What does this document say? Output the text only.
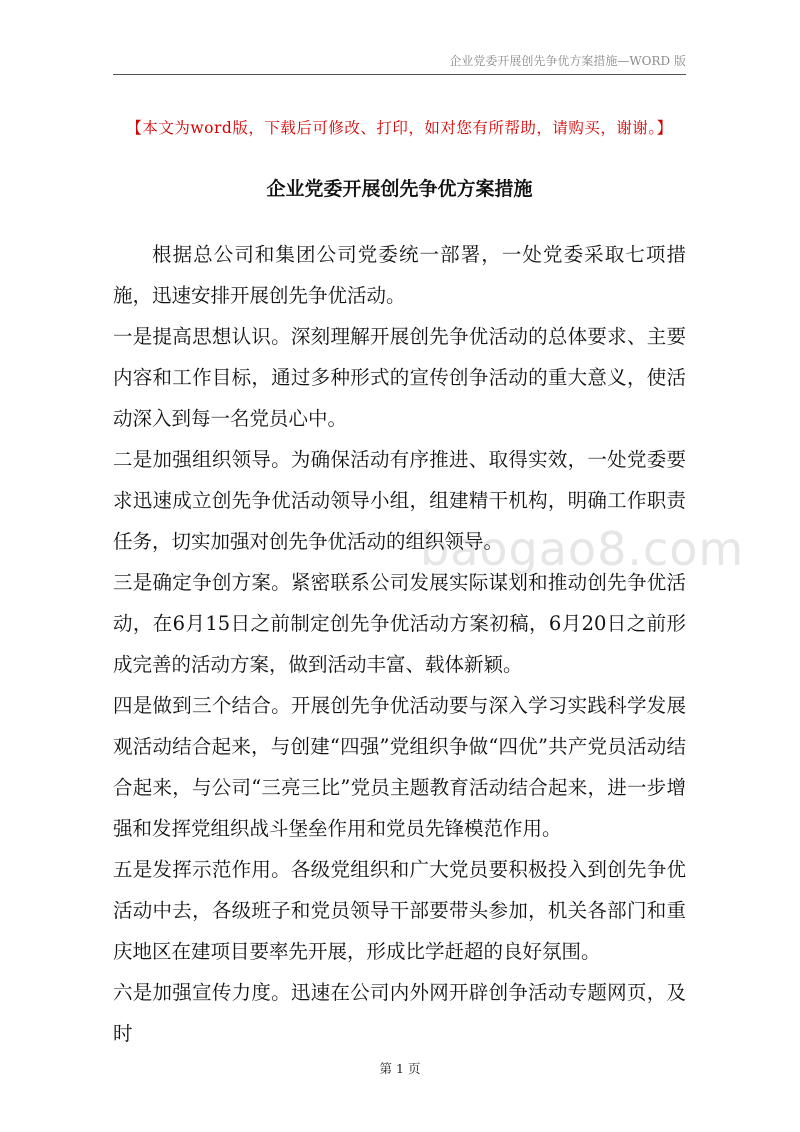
企业党委开展创先争优方案措施—WORD 版
【本文为word版，下载后可修改、打印，如对您有所帮助，请购买，谢谢。】
企业党委开展创先争优方案措施
baogao8.com

根据总公司和集团公司党委统一部署，一处党委采取七项措施，迅速安排开展创先争优活动。

一是提高思想认识。深刻理解开展创先争优活动的总体要求、主要内容和工作目标，通过多种形式的宣传创争活动的重大意义，使活动深入到每一名党员心中。

二是加强组织领导。为确保活动有序推进、取得实效，一处党委要求迅速成立创先争优活动领导小组，组建精干机构，明确工作职责任务，切实加强对创先争优活动的组织领导。

三是确定争创方案。紧密联系公司发展实际谋划和推动创先争优活动，在6月15日之前制定创先争优活动方案初稿，6月20日之前形成完善的活动方案，做到活动丰富、载体新颖。

四是做到三个结合。开展创先争优活动要与深入学习实践科学发展观活动结合起来，与创建“四强”党组织争做“四优”共产党员活动结合起来，与公司“三亮三比”党员主题教育活动结合起来，进一步增强和发挥党组织战斗堡垒作用和党员先锋模范作用。

五是发挥示范作用。各级党组织和广大党员要积极投入到创先争优活动中去，各级班子和党员领导干部要带头参加，机关各部门和重庆地区在建项目要率先开展，形成比学赶超的良好氛围。

六是加强宣传力度。迅速在公司内外网开辟创争活动专题网页，及时

第 1 页
